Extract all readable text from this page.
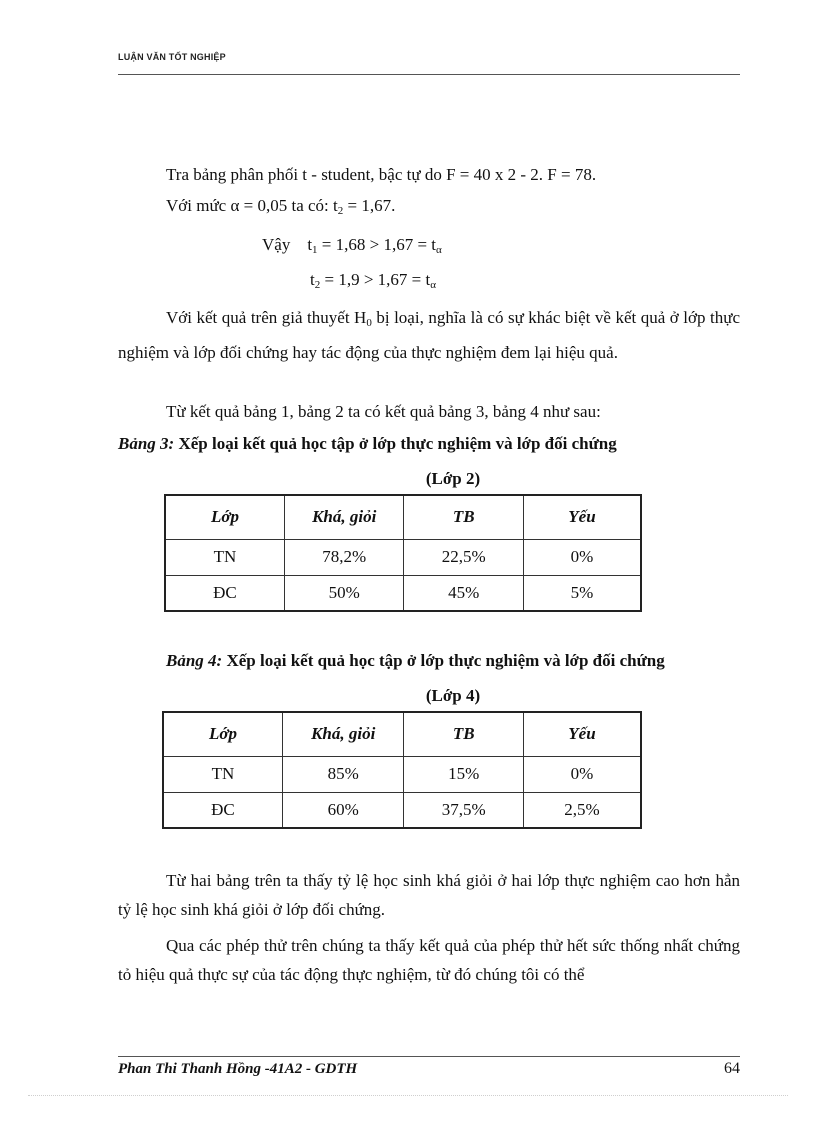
LUẬN VĂN TỐT NGHIỆP

Tra bảng phân phối t - student, bậc tự do F = 40 x 2 - 2. F = 78.

Với mức α = 0,05 ta có: $t_2 = 1,67$.
Vậy    $t_1 = 1,68 > 1,67 = t_\alpha$
$t_2 = 1,9 > 1,67 = t_\alpha$

Với kết quả trên giả thuyết $H_0$ bị loại, nghĩa là có sự khác biệt về kết quả ở lớp thực nghiệm và lớp đối chứng hay tác động của thực nghiệm đem lại hiệu quả.

Từ kết quả bảng 1, bảng 2 ta có kết quả bảng 3, bảng 4 như sau:

Bảng 3: Xếp loại kết quả học tập ở lớp thực nghiệm và lớp đối chứng
(Lớp 2)
Lớp	Khá, giỏi	TB	Yếu
TN	78,2%	22,5%	0%
ĐC	50%	45%	5%
Bảng 4: Xếp loại kết quả học tập ở lớp thực nghiệm và lớp đối chứng
(Lớp 4)
Lớp	Khá, giỏi	TB	Yếu
TN	85%	15%	0%
ĐC	60%	37,5%	2,5%

Từ hai bảng trên ta thấy tỷ lệ học sinh khá giỏi ở hai lớp thực nghiệm cao hơn hẳn tỷ lệ học sinh khá giỏi ở lớp đối chứng.

Qua các phép thử trên chúng ta thấy kết quả của phép thử hết sức thống nhất chứng tỏ hiệu quả thực sự của tác động thực nghiệm, từ đó chúng tôi có thể

Phan Thi Thanh Hồng -41A2 - GDTH	64
